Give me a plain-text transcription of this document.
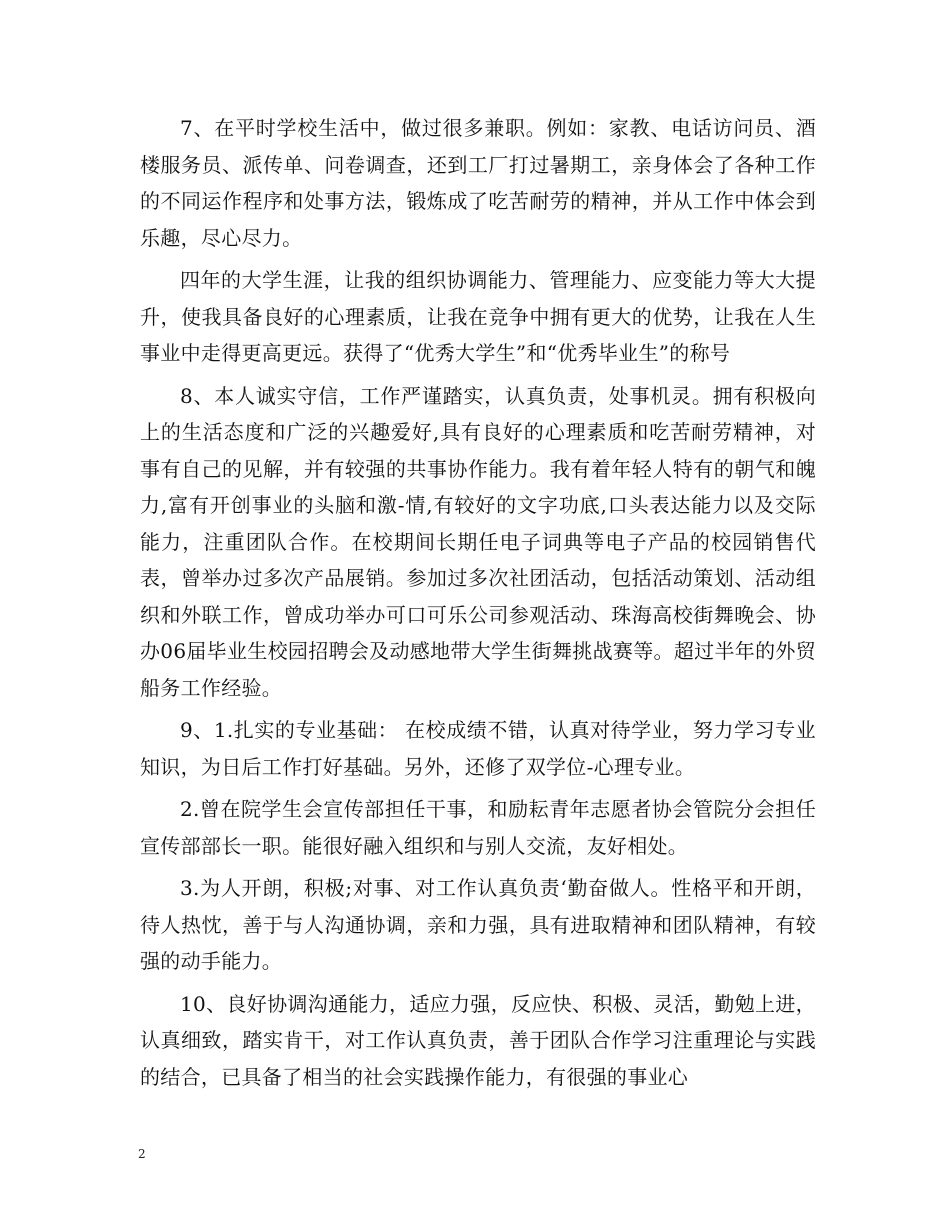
7、在平时学校生活中，做过很多兼职。例如：家教、电话访问员、酒楼服务员、派传单、问卷调查，还到工厂打过暑期工，亲身体会了各种工作的不同运作程序和处事方法，锻炼成了吃苦耐劳的精神，并从工作中体会到乐趣，尽心尽力。

四年的大学生涯，让我的组织协调能力、管理能力、应变能力等大大提升，使我具备良好的心理素质，让我在竞争中拥有更大的优势，让我在人生事业中走得更高更远。获得了“优秀大学生”和“优秀毕业生”的称号

8、本人诚实守信，工作严谨踏实，认真负责，处事机灵。拥有积极向上的生活态度和广泛的兴趣爱好,具有良好的心理素质和吃苦耐劳精神，对事有自己的见解，并有较强的共事协作能力。我有着年轻人特有的朝气和魄力,富有开创事业的头脑和激-情,有较好的文字功底,口头表达能力以及交际能力，注重团队合作。在校期间长期任电子词典等电子产品的校园销售代表，曾举办过多次产品展销。参加过多次社团活动，包括活动策划、活动组织和外联工作，曾成功举办可口可乐公司参观活动、珠海高校街舞晚会、协办06届毕业生校园招聘会及动感地带大学生街舞挑战赛等。超过半年的外贸船务工作经验。

9、1.扎实的专业基础： 在校成绩不错，认真对待学业，努力学习专业知识，为日后工作打好基础。另外，还修了双学位-心理专业。

2.曾在院学生会宣传部担任干事，和励耘青年志愿者协会管院分会担任宣传部部长一职。能很好融入组织和与别人交流，友好相处。

3.为人开朗，积极;对事、对工作认真负责‘勤奋做人。性格平和开朗，待人热忱，善于与人沟通协调，亲和力强，具有进取精神和团队精神，有较强的动手能力。

10、良好协调沟通能力，适应力强，反应快、积极、灵活，勤勉上进，认真细致，踏实肯干，对工作认真负责，善于团队合作学习注重理论与实践的结合，已具备了相当的社会实践操作能力，有很强的事业心

2
